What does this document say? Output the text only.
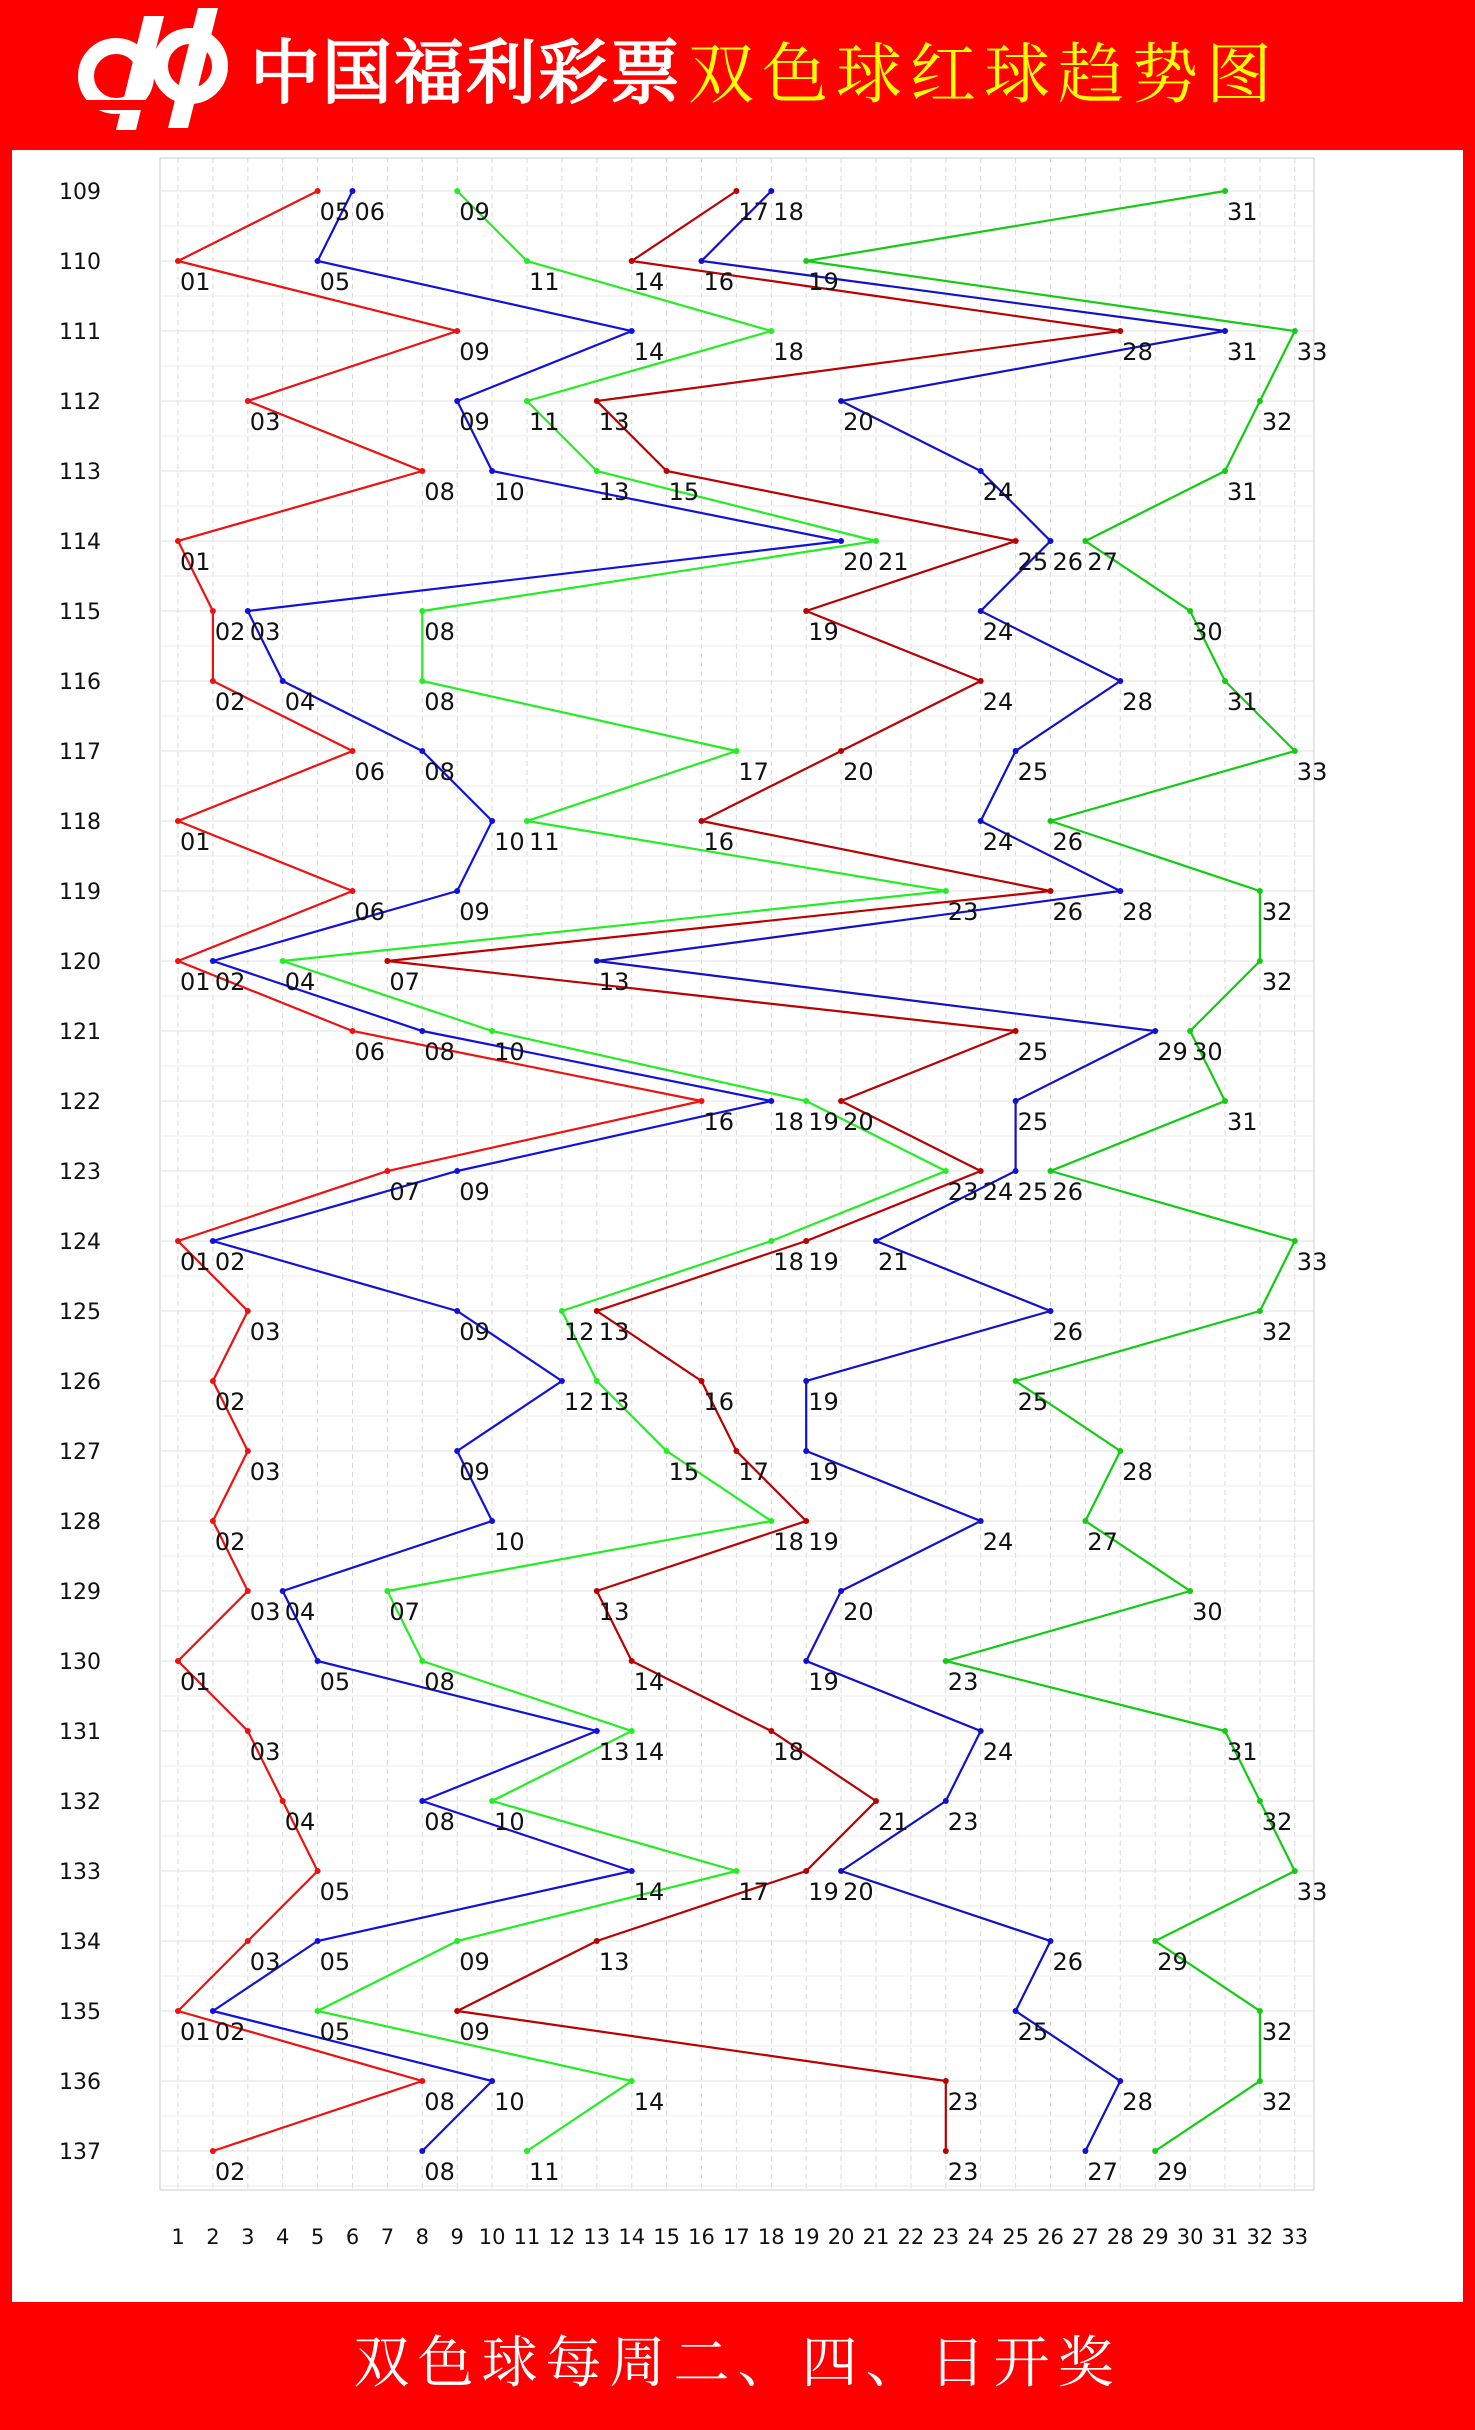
中国福利彩票 双色球红球趋势图
05
01
09
03
08
01
02
02
06
01
06
01
06
16
07
01
03
02
03
02
03
01
03
04
05
03
01
08
02
06
05
14
09
10
20
03
04
08
10
09
02
08
18
09
02
09
12
09
10
04
05
13
08
14
05
02
10
08
09
11
18
11
13
21
08
08
17
11
23
04
10
19
23
18
12
13
15
18
07
08
14
10
17
09
05
14
11
17
14
28
13
15
25
19
24
20
16
26
07
25
20
24
19
13
16
17
19
13
14
18
21
19
13
09
23
23
18
16
31
20
24
26
24
28
25
24
28
13
29
25
25
21
26
19
19
24
20
19
24
23
20
26
25
28
27
31
19
33
32
31
27
30
31
33
26
32
32
30
31
26
33
32
25
28
27
30
23
31
32
33
29
32
32
29
109
110
111
112
113
114
115
116
117
118
119
120
121
122
123
124
125
126
127
128
129
130
131
132
133
134
135
136
137
1 2 3 4 5 6 7 8 9 10 11 12 13 14 15 16 17 18 19 20 21 22 23 24 25 26 27 28 29 30 31 32 33
双色球每周二、四、日开奖
